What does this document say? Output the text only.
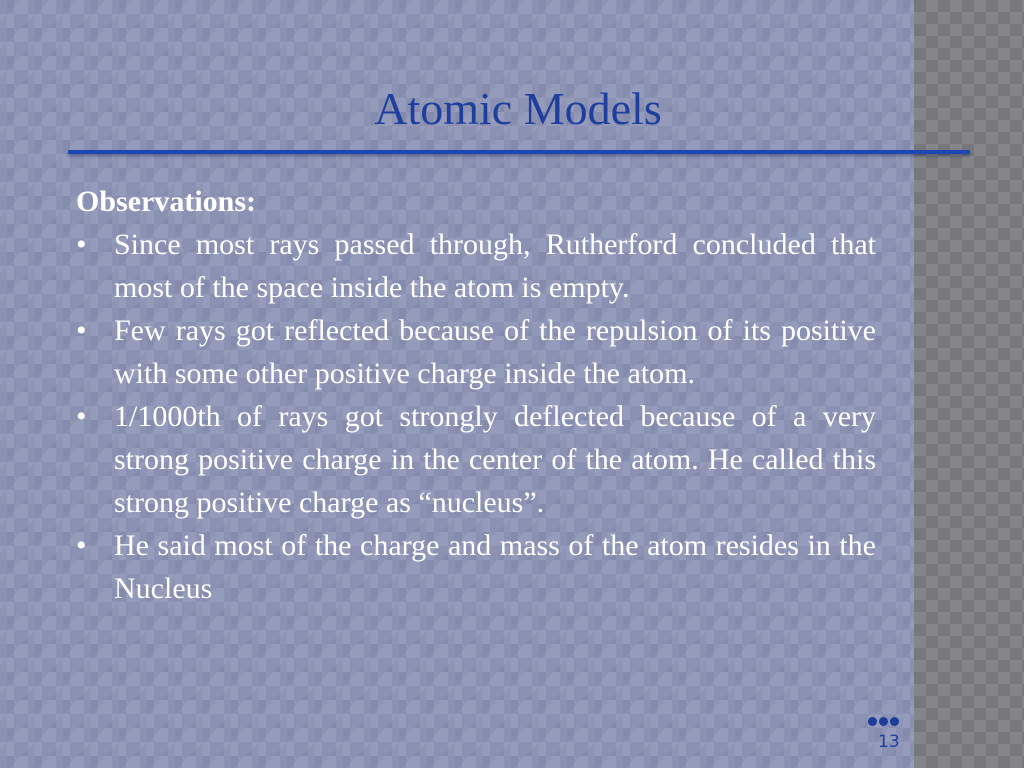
Atomic Models

Observations:

• Since most rays passed through, Rutherford concluded that most of the space inside the atom is empty.
• Few rays got reflected because of the repulsion of its positive with some other positive charge inside the atom.
• 1/1000th of rays got strongly deflected because of a very strong positive charge in the center of the atom. He called this strong positive charge as “nucleus”.
• He said most of the charge and mass of the atom resides in the Nucleus
13
